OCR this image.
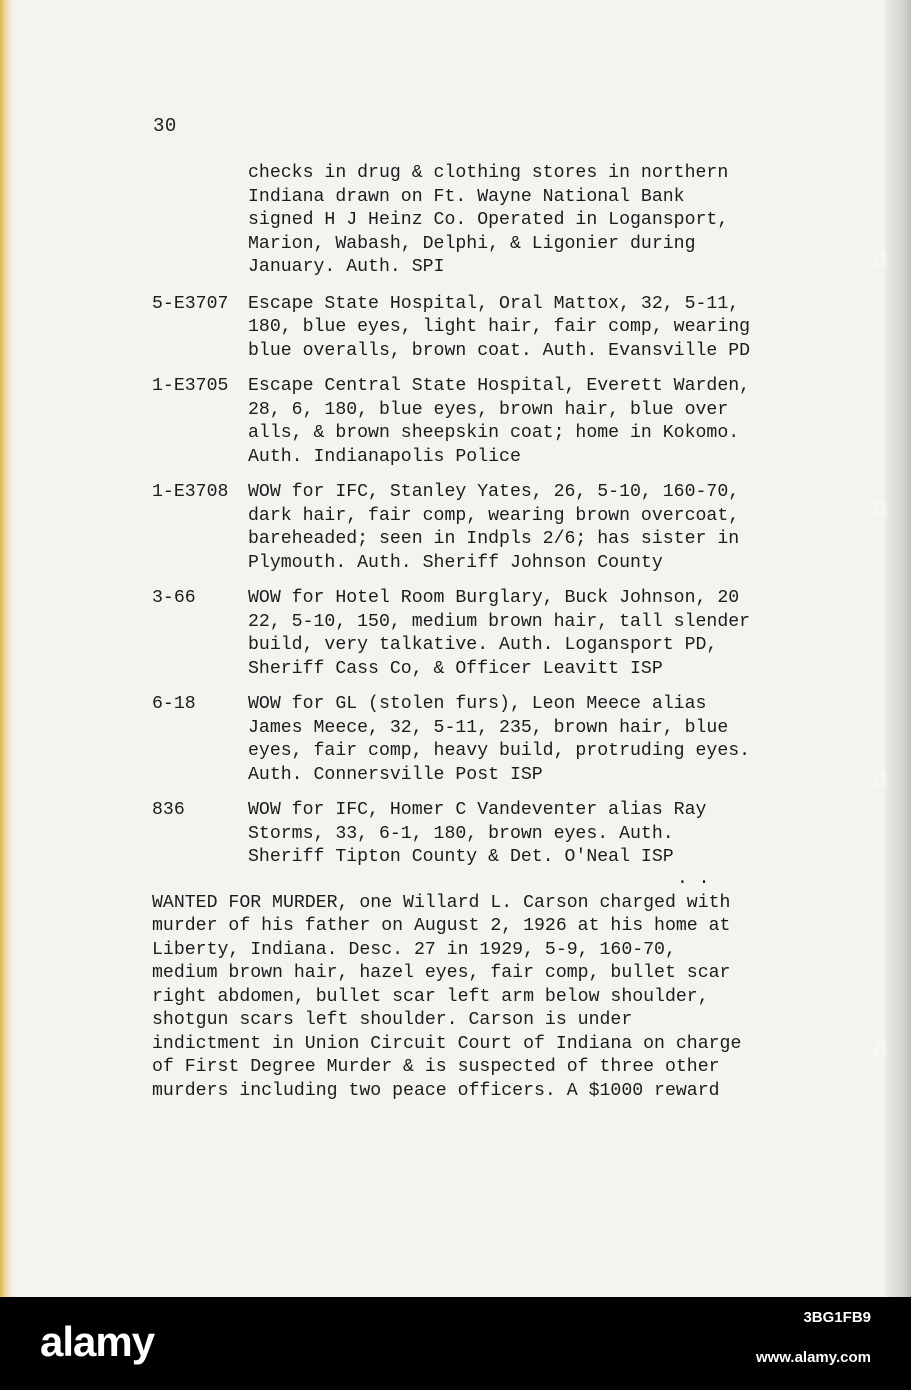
30
checks in drug & clothing stores in northern
Indiana drawn on Ft. Wayne National Bank
signed H J Heinz Co. Operated in Logansport,
Marion, Wabash, Delphi, & Ligonier during
January. Auth. SPI
5-E3707 Escape State Hospital, Oral Mattox, 32, 5-11,
180, blue eyes, light hair, fair comp, wearing
blue overalls, brown coat. Auth. Evansville PD
1-E3705 Escape Central State Hospital, Everett Warden,
28, 6, 180, blue eyes, brown hair, blue over
alls, & brown sheepskin coat; home in Kokomo.
Auth. Indianapolis Police
1-E3708 WOW for IFC, Stanley Yates, 26, 5-10, 160-70,
dark hair, fair comp, wearing brown overcoat,
bareheaded; seen in Indpls 2/6; has sister in
Plymouth. Auth. Sheriff Johnson County
3-66	WOW for Hotel Room Burglary, Buck Johnson, 20
22, 5-10, 150, medium brown hair, tall slender
build, very talkative. Auth. Logansport PD,
Sheriff Cass Co, & Officer Leavitt ISP
6-18	WOW for GL (stolen furs), Leon Meece alias
James Meece, 32, 5-11, 235, brown hair, blue
eyes, fair comp, heavy build, protruding eyes.
Auth. Connersville Post ISP
836	WOW for IFC, Homer C Vandeventer alias Ray
Storms, 33, 6-1, 180, brown eyes. Auth.
Sheriff Tipton County & Det. O'Neal ISP
. .
WANTED FOR MURDER, one Willard L. Carson charged with
murder of his father on August 2, 1926 at his home at
Liberty, Indiana. Desc. 27 in 1929, 5-9, 160-70,
medium brown hair, hazel eyes, fair comp, bullet scar
right abdomen, bullet scar left arm below shoulder,
shotgun scars left shoulder. Carson is under
indictment in Union Circuit Court of Indiana on charge
of First Degree Murder & is suspected of three other
murders including two peace officers. A $1000 reward
a
a
a
a
alamy
3BG1FB9
www.alamy.com
